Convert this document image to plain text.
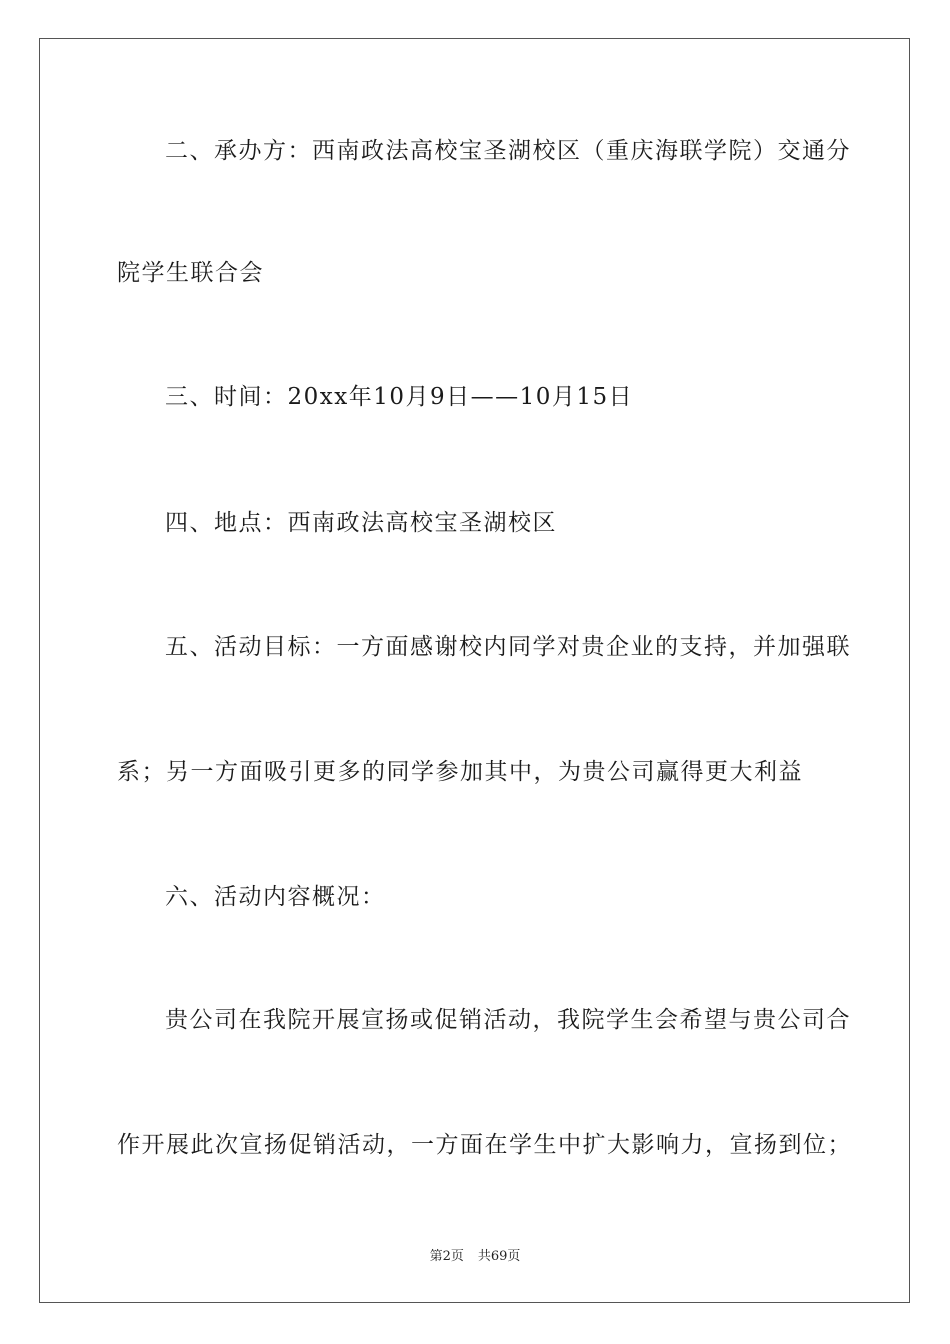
二、承办方：西南政法高校宝圣湖校区（重庆海联学院）交通分
院学生联合会
三、时间：20xx年10月9日——10月15日
四、地点：西南政法高校宝圣湖校区
五、活动目标：一方面感谢校内同学对贵企业的支持，并加强联
系；另一方面吸引更多的同学参加其中，为贵公司赢得更大利益
六、活动内容概况：
贵公司在我院开展宣扬或促销活动，我院学生会希望与贵公司合
作开展此次宣扬促销活动，一方面在学生中扩大影响力，宣扬到位；
第2页 共69页
